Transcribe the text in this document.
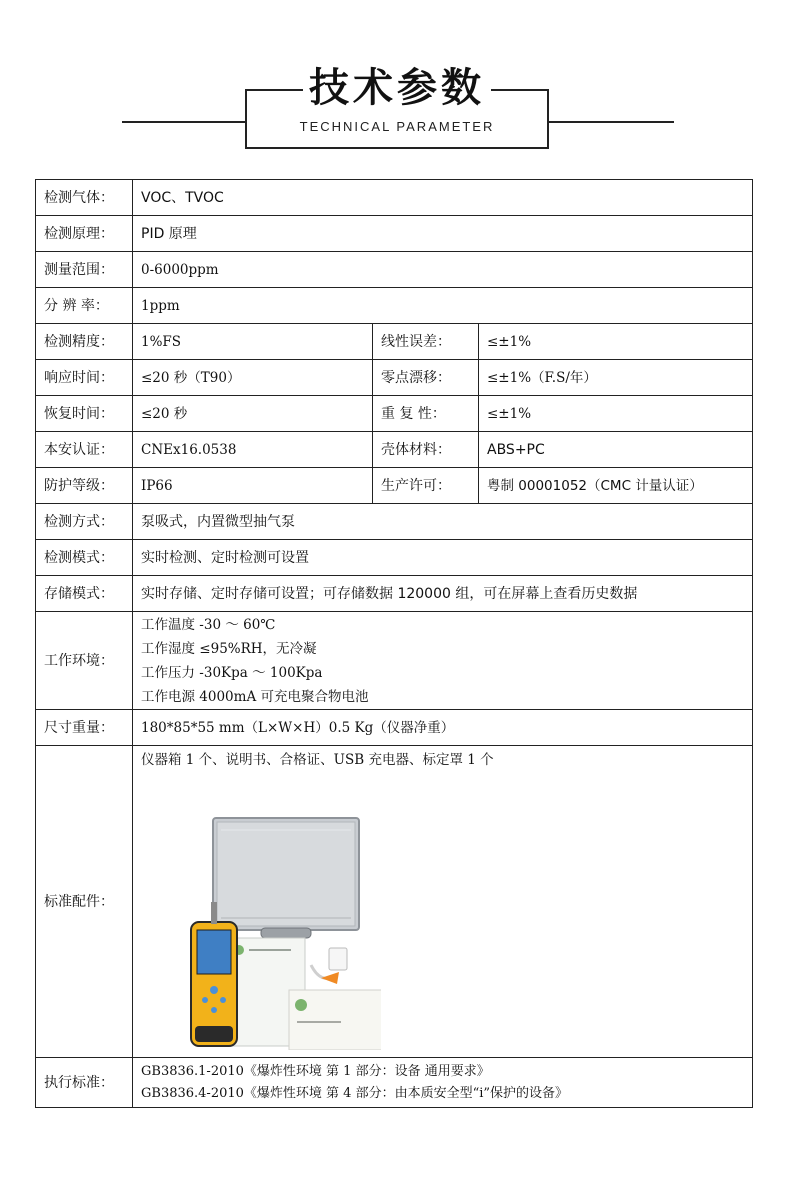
技术参数
TECHNICAL PARAMETER
检测气体：	VOC、TVOC		
检测原理：	PID 原理		
测量范围：	0-6000ppm		
分 辨 率：	1ppm		
检测精度：	1%FS	线性误差：	≤±1%
响应时间：	≤20 秒（T90）	零点漂移：	≤±1%（F.S/年）
恢复时间：	≤20 秒	重 复 性：	≤±1%
本安认证：	CNEx16.0538	壳体材料：	ABS+PC
防护等级：	IP66	生产许可：	粤制 00001052（CMC 计量认证）
检测方式：	泵吸式，内置微型抽气泵		
检测模式：	实时检测、定时检测可设置		
存储模式：	实时存储、定时存储可设置；可存储数据 120000 组，可在屏幕上查看历史数据		
工作环境：	工作温度 -30 ～ 60℃
工作湿度 ≤95%RH，无冷凝
工作压力 -30Kpa ～ 100Kpa
工作电源 4000mA 可充电聚合物电池		

尺寸重量：	180*85*55 mm（L×W×H）0.5 Kg（仪器净重）		
标准配件：	仪器箱 1 个、说明书、合格证、USB 充电器、标定罩 1 个		

执行标准：	GB3836.1-2010《爆炸性环境 第 1 部分：设备 通用要求》
GB3836.4-2010《爆炸性环境 第 4 部分：由本质安全型“i”保护的设备》		
